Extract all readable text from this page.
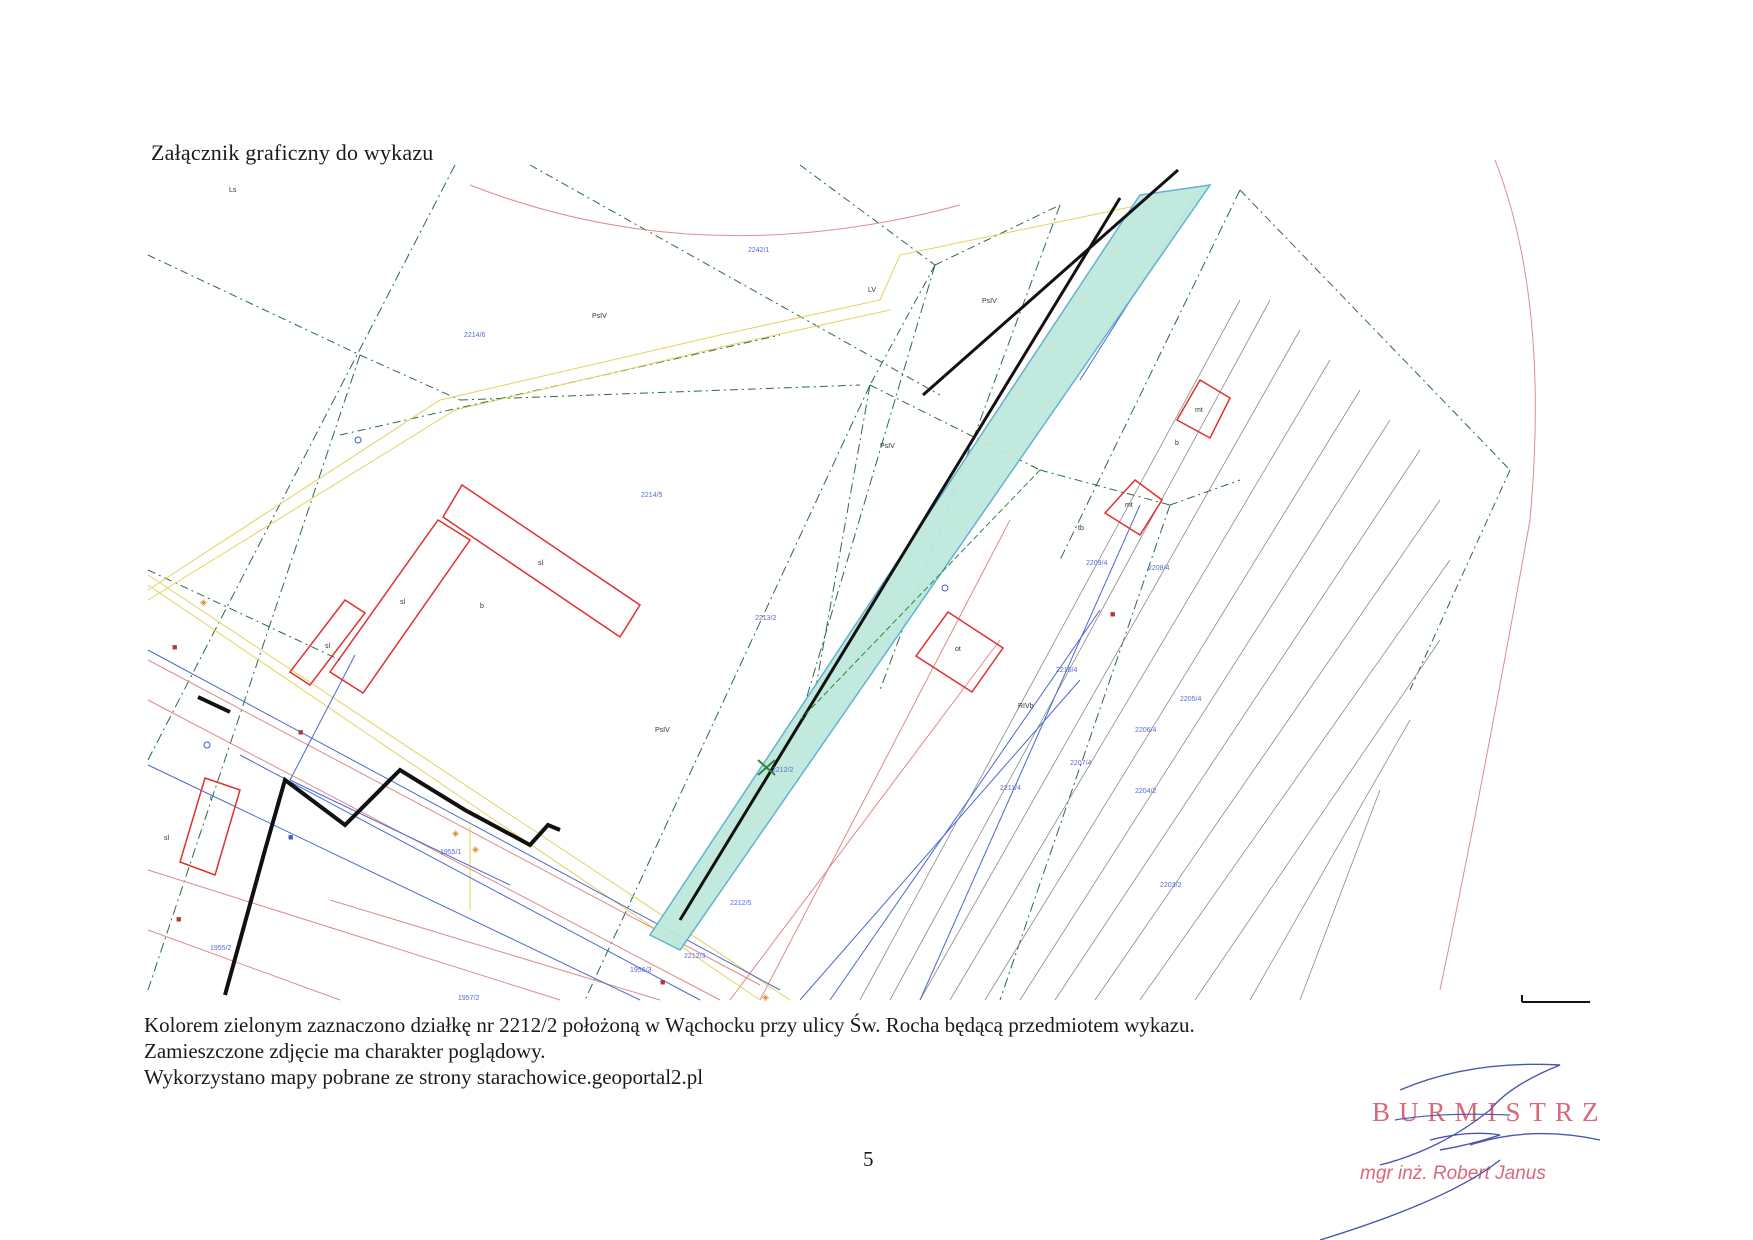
Załącznik graficzny do wykazu
Ls
LV
PsIV
PsIV
PsIV
PsIV
RIVb
b
b
mt
mt
sl
sl
sl
sl
ot
tb
i
2242/1
2214/6
2214/5
2213/2
2212/2
2212/5
2212/3
2211/4
2210/4
2209/4
2208/4
2207/4
2206/4
2205/4
2204/2
2203/2
1955/1
1955/2
1956/3
1957/2
◈
■
■
■	◈
◈
■
■
◈
■
Kolorem zielonym zaznaczono działkę nr 2212/2 położoną w Wąchocku przy ulicy Św. Rocha będącą przedmiotem wykazu.
Zamieszczone zdjęcie ma charakter poglądowy.
Wykorzystano mapy pobrane ze strony starachowice.geoportal2.pl
5
BURMISTRZ
mgr inż. Robert Janus
